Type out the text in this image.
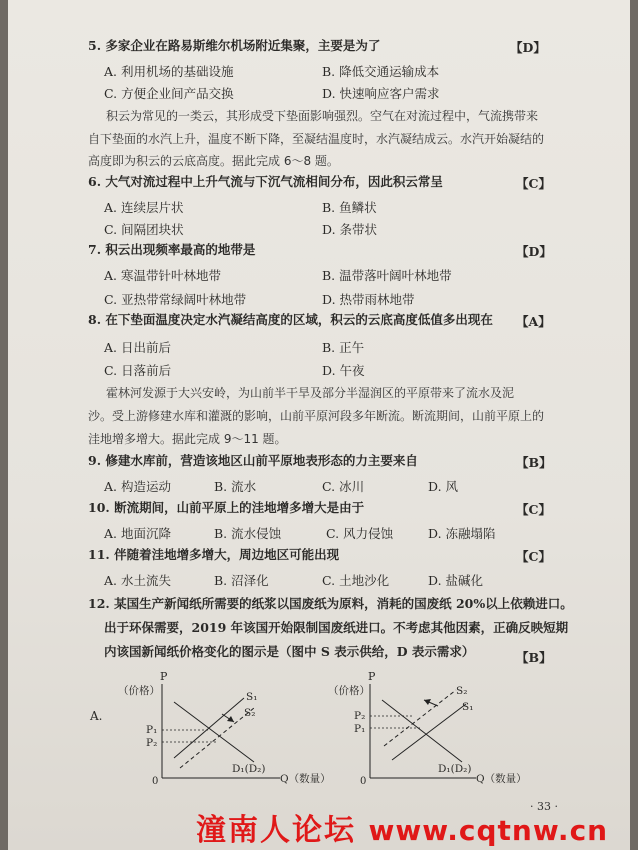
5. 多家企业在路易斯维尔机场附近集聚，主要是为了	【D】
A. 利用机场的基础设施	B. 降低交通运输成本
C. 方便企业间产品交换	D. 快速响应客户需求
积云为常见的一类云，其形成受下垫面影响强烈。空气在对流过程中，气流携带来
自下垫面的水汽上升，温度不断下降，至凝结温度时，水汽凝结成云。水汽开始凝结的
高度即为积云的云底高度。据此完成 6～8 题。
6. 大气对流过程中上升气流与下沉气流相间分布，因此积云常呈	【C】
A. 连续层片状	B. 鱼鳞状
C. 间隔团块状	D. 条带状
7. 积云出现频率最高的地带是	【D】
A. 寒温带针叶林地带	B. 温带落叶阔叶林地带
C. 亚热带常绿阔叶林地带	D. 热带雨林地带
8. 在下垫面温度决定水汽凝结高度的区域，积云的云底高度低值多出现在 【A】
A. 日出前后	B. 正午
C. 日落前后	D. 午夜
霍林河发源于大兴安岭，为山前半干旱及部分半湿润区的平原带来了流水及泥
沙。受上游修建水库和灌溉的影响，山前平原河段多年断流。断流期间，山前平原上的
洼地增多增大。据此完成 9～11 题。
9. 修建水库前，营造该地区山前平原地表形态的力主要来自	【B】
A. 构造运动	B. 流水	C. 冰川	D. 风
10. 断流期间，山前平原上的洼地增多增大是由于	【C】
A. 地面沉降	B. 流水侵蚀	C. 风力侵蚀	D. 冻融塌陷
11. 伴随着洼地增多增大，周边地区可能出现	【C】
A. 水土流失	B. 沼泽化	C. 土地沙化	D. 盐碱化
12. 某国生产新闻纸所需要的纸浆以国废纸为原料，消耗的国废纸 20%以上依赖进口。
出于环保需要，2019 年该国开始限制国废纸进口。不考虑其他因素，正确反映短期
内该国新闻纸价格变化的图示是（图中 S 表示供给，D 表示需求）	【B】
A.
P
（价格）
0	Q（数量）
S₁
S₂
P₁
P₂
D₁(D₂)
P
（价格）
0	Q（数量）
S₂
S₁
P₂
P₁
D₁(D₂)
· 33 ·
潼南人论坛 www.cqtnw.cn
